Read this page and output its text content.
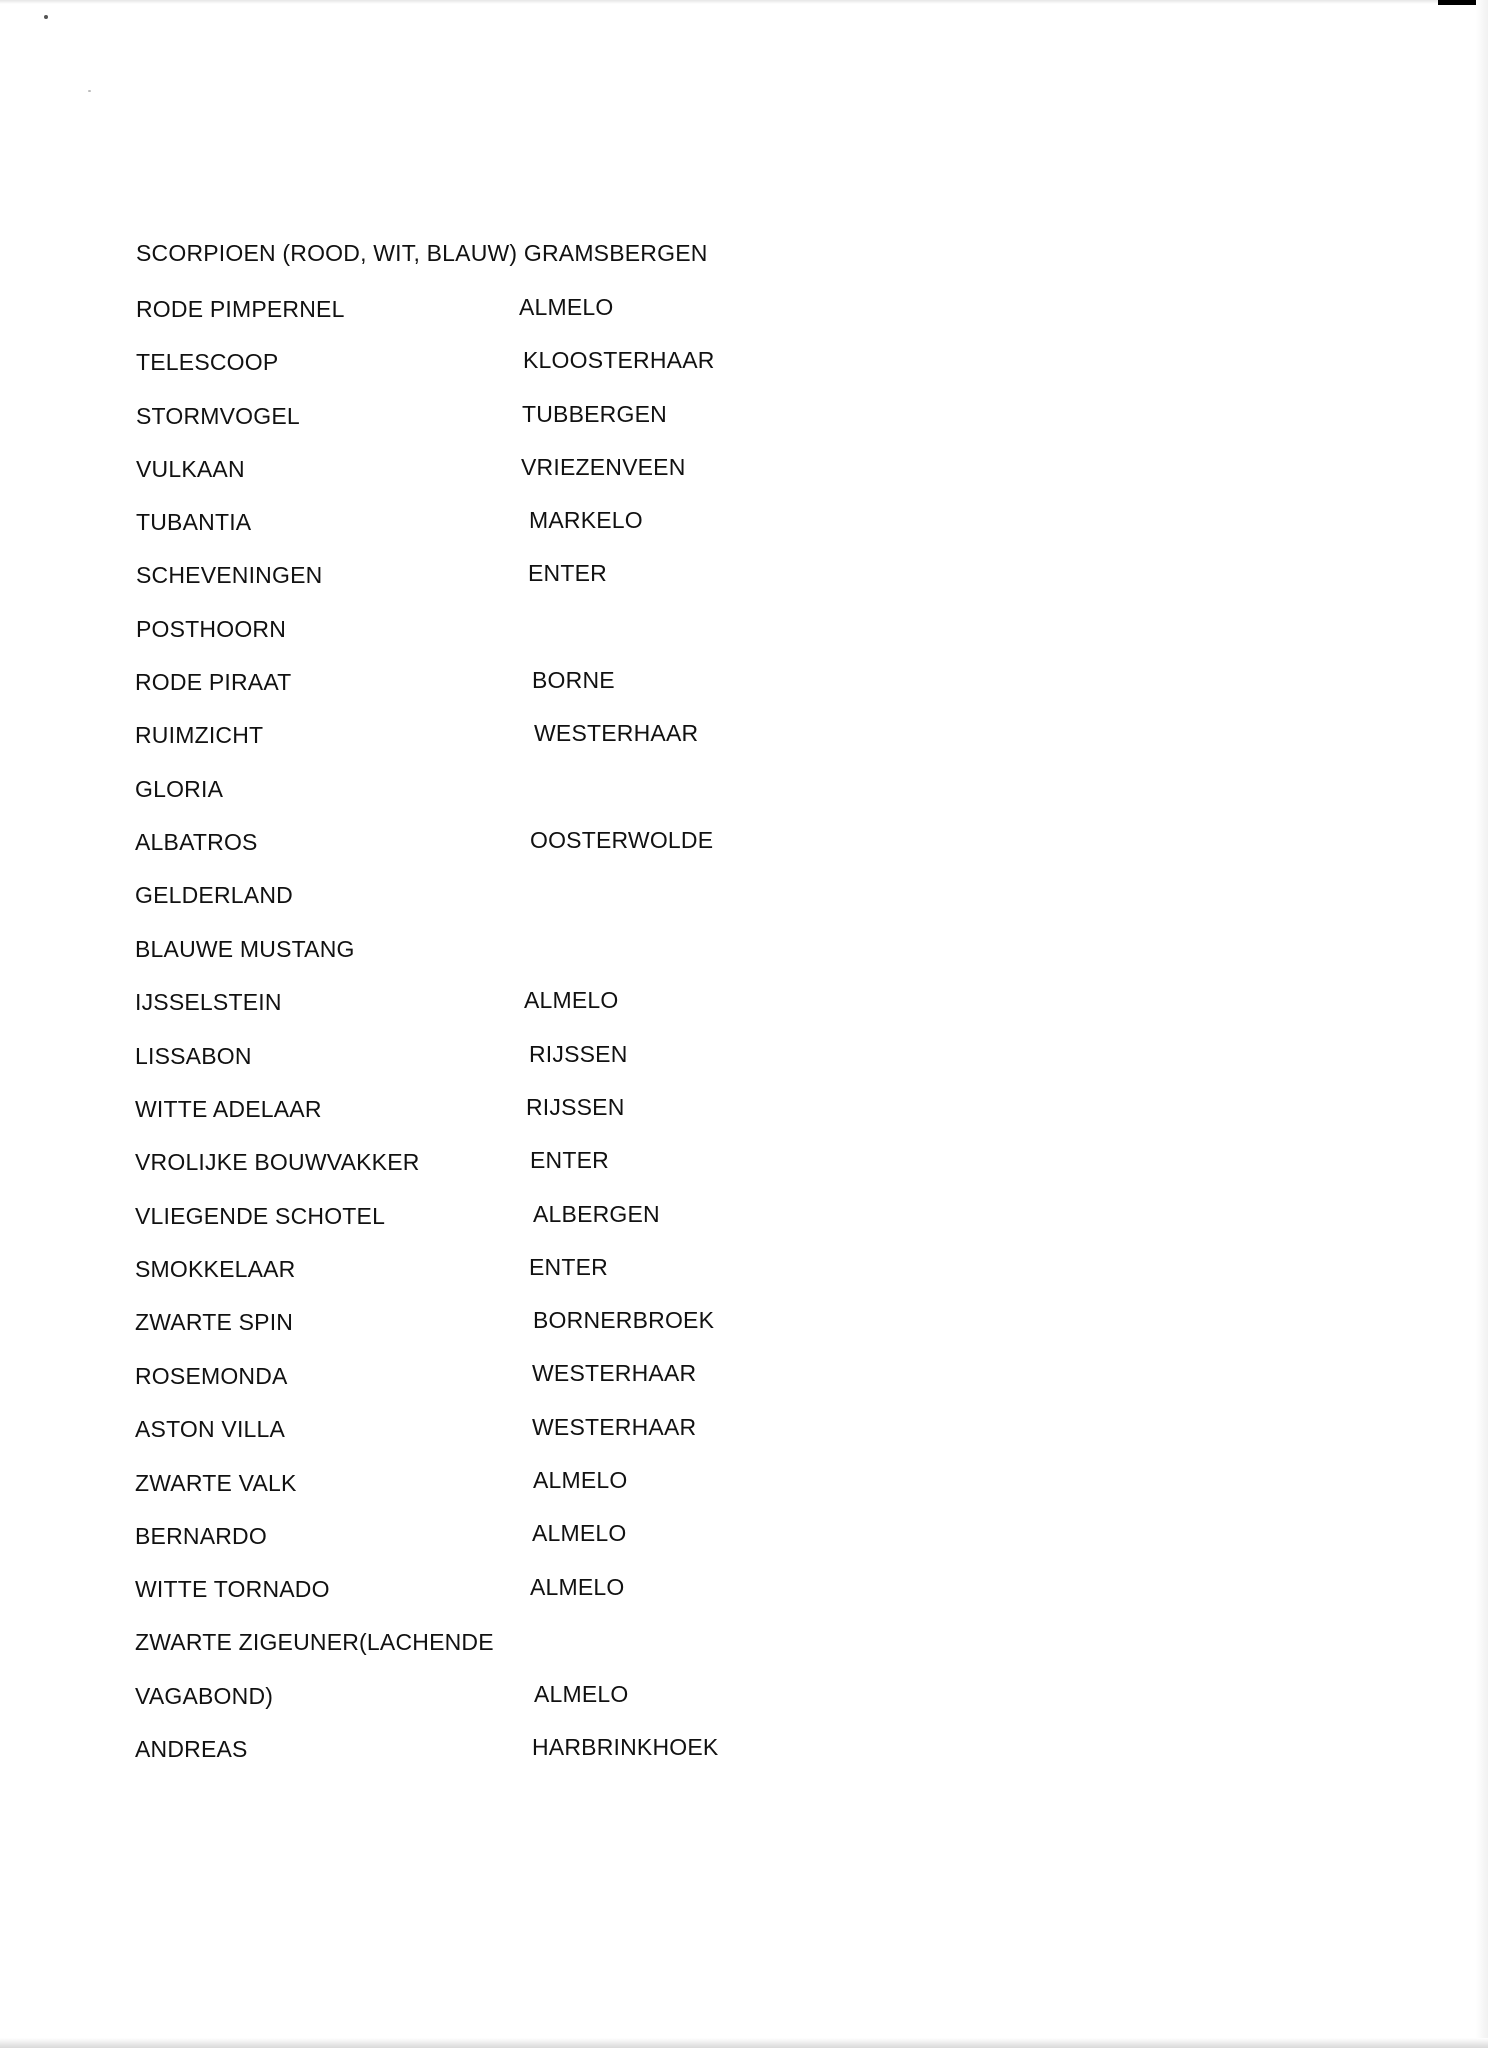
SCORPIOEN (ROOD, WIT, BLAUW) GRAMSBERGEN
RODE PIMPERNEL	ALMELO
TELESCOOP	KLOOSTERHAAR
STORMVOGEL	TUBBERGEN
VULKAAN	VRIEZENVEEN
TUBANTIA	MARKELO
SCHEVENINGEN	ENTER
POSTHOORN
RODE PIRAAT	BORNE
RUIMZICHT	WESTERHAAR
GLORIA
ALBATROS	OOSTERWOLDE
GELDERLAND
BLAUWE MUSTANG
IJSSELSTEIN	ALMELO
LISSABON	RIJSSEN
WITTE ADELAAR	RIJSSEN
VROLIJKE BOUWVAKKER	ENTER
VLIEGENDE SCHOTEL	ALBERGEN
SMOKKELAAR	ENTER
ZWARTE SPIN	BORNERBROEK
ROSEMONDA	WESTERHAAR
ASTON VILLA	WESTERHAAR
ZWARTE VALK	ALMELO
BERNARDO	ALMELO
WITTE TORNADO	ALMELO
ZWARTE ZIGEUNER(LACHENDE
VAGABOND)	ALMELO
ANDREAS	HARBRINKHOEK
